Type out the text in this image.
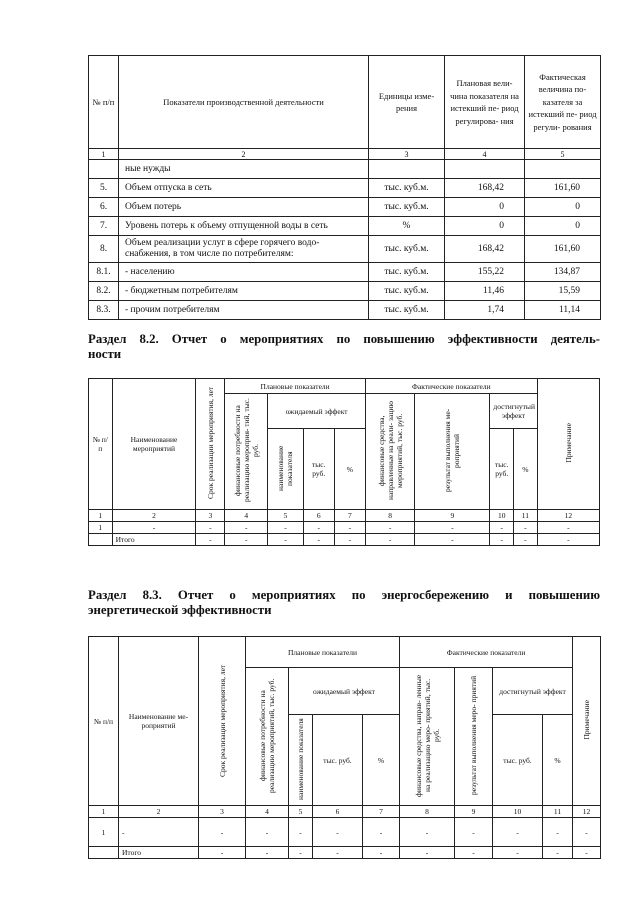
№ п/п	Показатели производственной деятельности	Единицы изме- рения	Плановая вели- чина показателя на истекший пе- риод регулирова- ния	Фактическая величина по- казателя за истекший пе- риод регули- рования
1	2	3	4	5
	ные нужды			
5.	Объем отпуска в сеть	тыс. куб.м.	168,42	161,60
6.	Объем потерь	тыс. куб.м.	0	0
7.	Уровень потерь к объему отпущенной воды в сеть	%	0	0
8.	Объем реализации услуг в сфере горячего водо- снабжения, в том числе по потребителям:	тыс. куб.м.	168,42	161,60
8.1.	- населению	тыс. куб.м.	155,22	134,87
8.2.	- бюджетным потребителям	тыс. куб.м.	11,46	15,59
8.3.	- прочим потребителям	тыс. куб.м.	1,74	11,14
Раздел 8.2. Отчет о мероприятиях по повышению эффективности деятель-
ности
№ п/п	Наименование мероприятий	Срок реализации мероприятия, лет	Плановые показатели				Фактические показатели				Примечание
			финансовые потребности на реализацию мероприя- тий, тыс. руб.	ожидаемый эффект			финансовые средства, направленные на реали- зацию мероприятий, тыс. руб.	результат выполнения ме- роприятий	достигнутый эффект		
				наименование показателя	тыс. руб.	%			тыс. руб.	%	
1	2	3	4	5	6	7	8	9	10	11	12
1	-	-	-	-	-	-	-	-	-	-	-
	Итого	-	-	-	-	-	-	-	-	-	-
Раздел 8.3. Отчет о мероприятиях по энергосбережению и повышению
энергетической эффективности
№ п/п	Наименование ме- роприятий	Срок реализации мероприятия, лет	Плановые показатели				Фактические показатели				Примечание
			финансовые потребности на реализацию мероприятий, тыс. руб.	ожидаемый эффект			финансовые средства, направ- ленные на реализацию меро- приятий, тыс. руб.	результат выполнения меро- приятий	достигнутый эффект		
				наименование показателя	тыс. руб.	%			тыс. руб.	%	
1	2	3	4	5	6	7	8	9	10	11	12
1	-	-	-	-	-	-	-	-	-	-	-
	Итого	-	-	-	-	-	-	-	-	-	-
